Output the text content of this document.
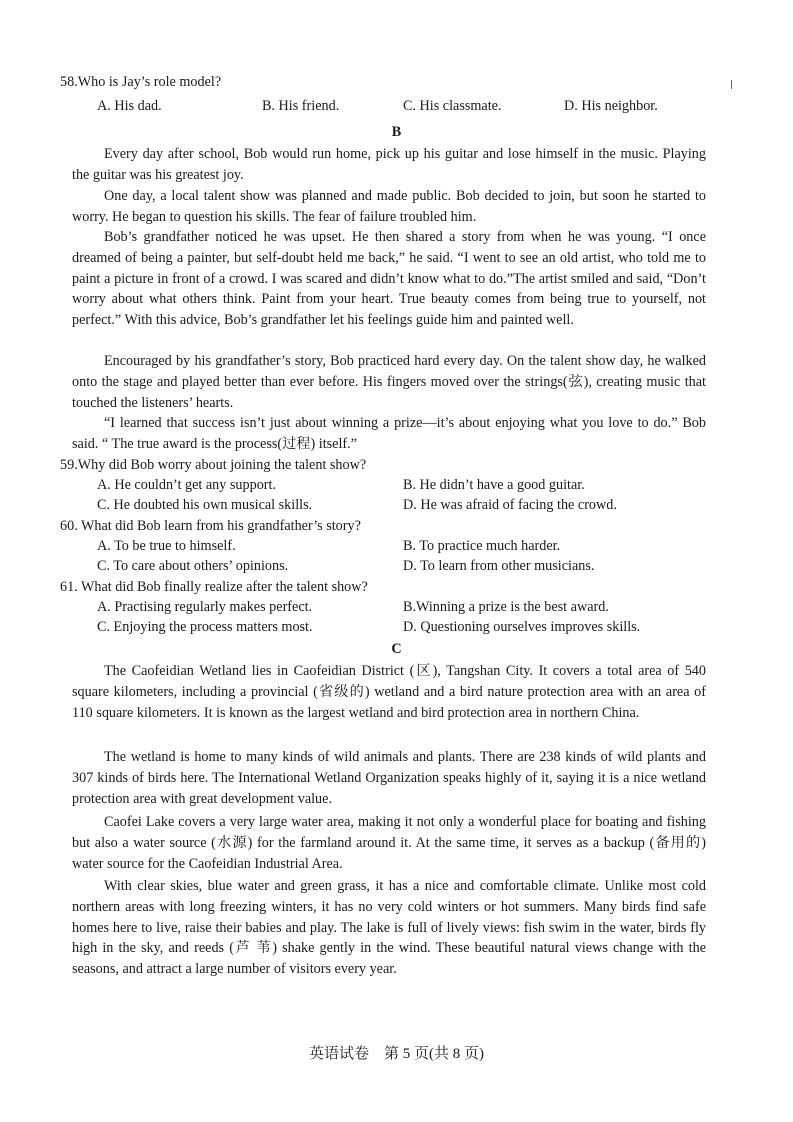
58.Who is Jay’s role model?
A. His dad.	B. His friend.	C. His classmate.	D. His neighbor.
B

Every day after school, Bob would run home, pick up his guitar and lose himself in the music. Playing the guitar was his greatest joy.

One day, a local talent show was planned and made public. Bob decided to join, but soon he started to worry. He began to question his skills. The fear of failure troubled him.

Bob’s grandfather noticed he was upset. He then shared a story from when he was young. “I once dreamed of being a painter, but self-doubt held me back,” he said. “I went to see an old artist, who told me to paint a picture in front of a crowd. I was scared and didn’t know what to do.”The artist smiled and said, “Don’t worry about what others think. Paint from your heart. True beauty comes from being true to yourself, not perfect.” With this advice, Bob’s grandfather let his feelings guide him and painted well.

Encouraged by his grandfather’s story, Bob practiced hard every day. On the talent show day, he walked onto the stage and played better than ever before. His fingers moved over the strings(弦), creating music that touched the listeners’ hearts.

“I learned that success isn’t just about winning a prize—it’s about enjoying what you love to do.” Bob said. “ The true award is the process(过程) itself.”

59.Why did Bob worry about joining the talent show?
A. He couldn’t get any support.	B. He didn’t have a good guitar.
C. He doubted his own musical skills.	D. He was afraid of facing the crowd.
60. What did Bob learn from his grandfather’s story?
A. To be true to himself.	B. To practice much harder.
C. To care about others’ opinions.	D. To learn from other musicians.
61. What did Bob finally realize after the talent show?
A. Practising regularly makes perfect.	B.Winning a prize is the best award.
C. Enjoying the process matters most.	D. Questioning ourselves improves skills.
C

The Caofeidian Wetland lies in Caofeidian District (区), Tangshan City. It covers a total area of 540 square kilometers, including a provincial (省级的) wetland and a bird nature protection area with an area of 110 square kilometers. It is known as the largest wetland and bird protection area in northern China.

The wetland is home to many kinds of wild animals and plants. There are 238 kinds of wild plants and 307 kinds of birds here. The International Wetland Organization speaks highly of it, saying it is a nice wetland protection area with great development value.

Caofei Lake covers a very large water area, making it not only a wonderful place for boating and fishing but also a water source (水源) for the farmland around it. At the same time, it serves as a backup (备用的) water source for the Caofeidian Industrial Area.

With clear skies, blue water and green grass, it has a nice and comfortable climate. Unlike most cold northern areas with long freezing winters, it has no very cold winters or hot summers. Many birds find safe homes here to live, raise their babies and play. The lake is full of lively views: fish swim in the water, birds fly high in the sky, and reeds (芦 苇) shake gently in the wind. These beautiful natural views change with the seasons, and attract a large number of visitors every year.

英语试卷　第 5 页(共 8 页)
